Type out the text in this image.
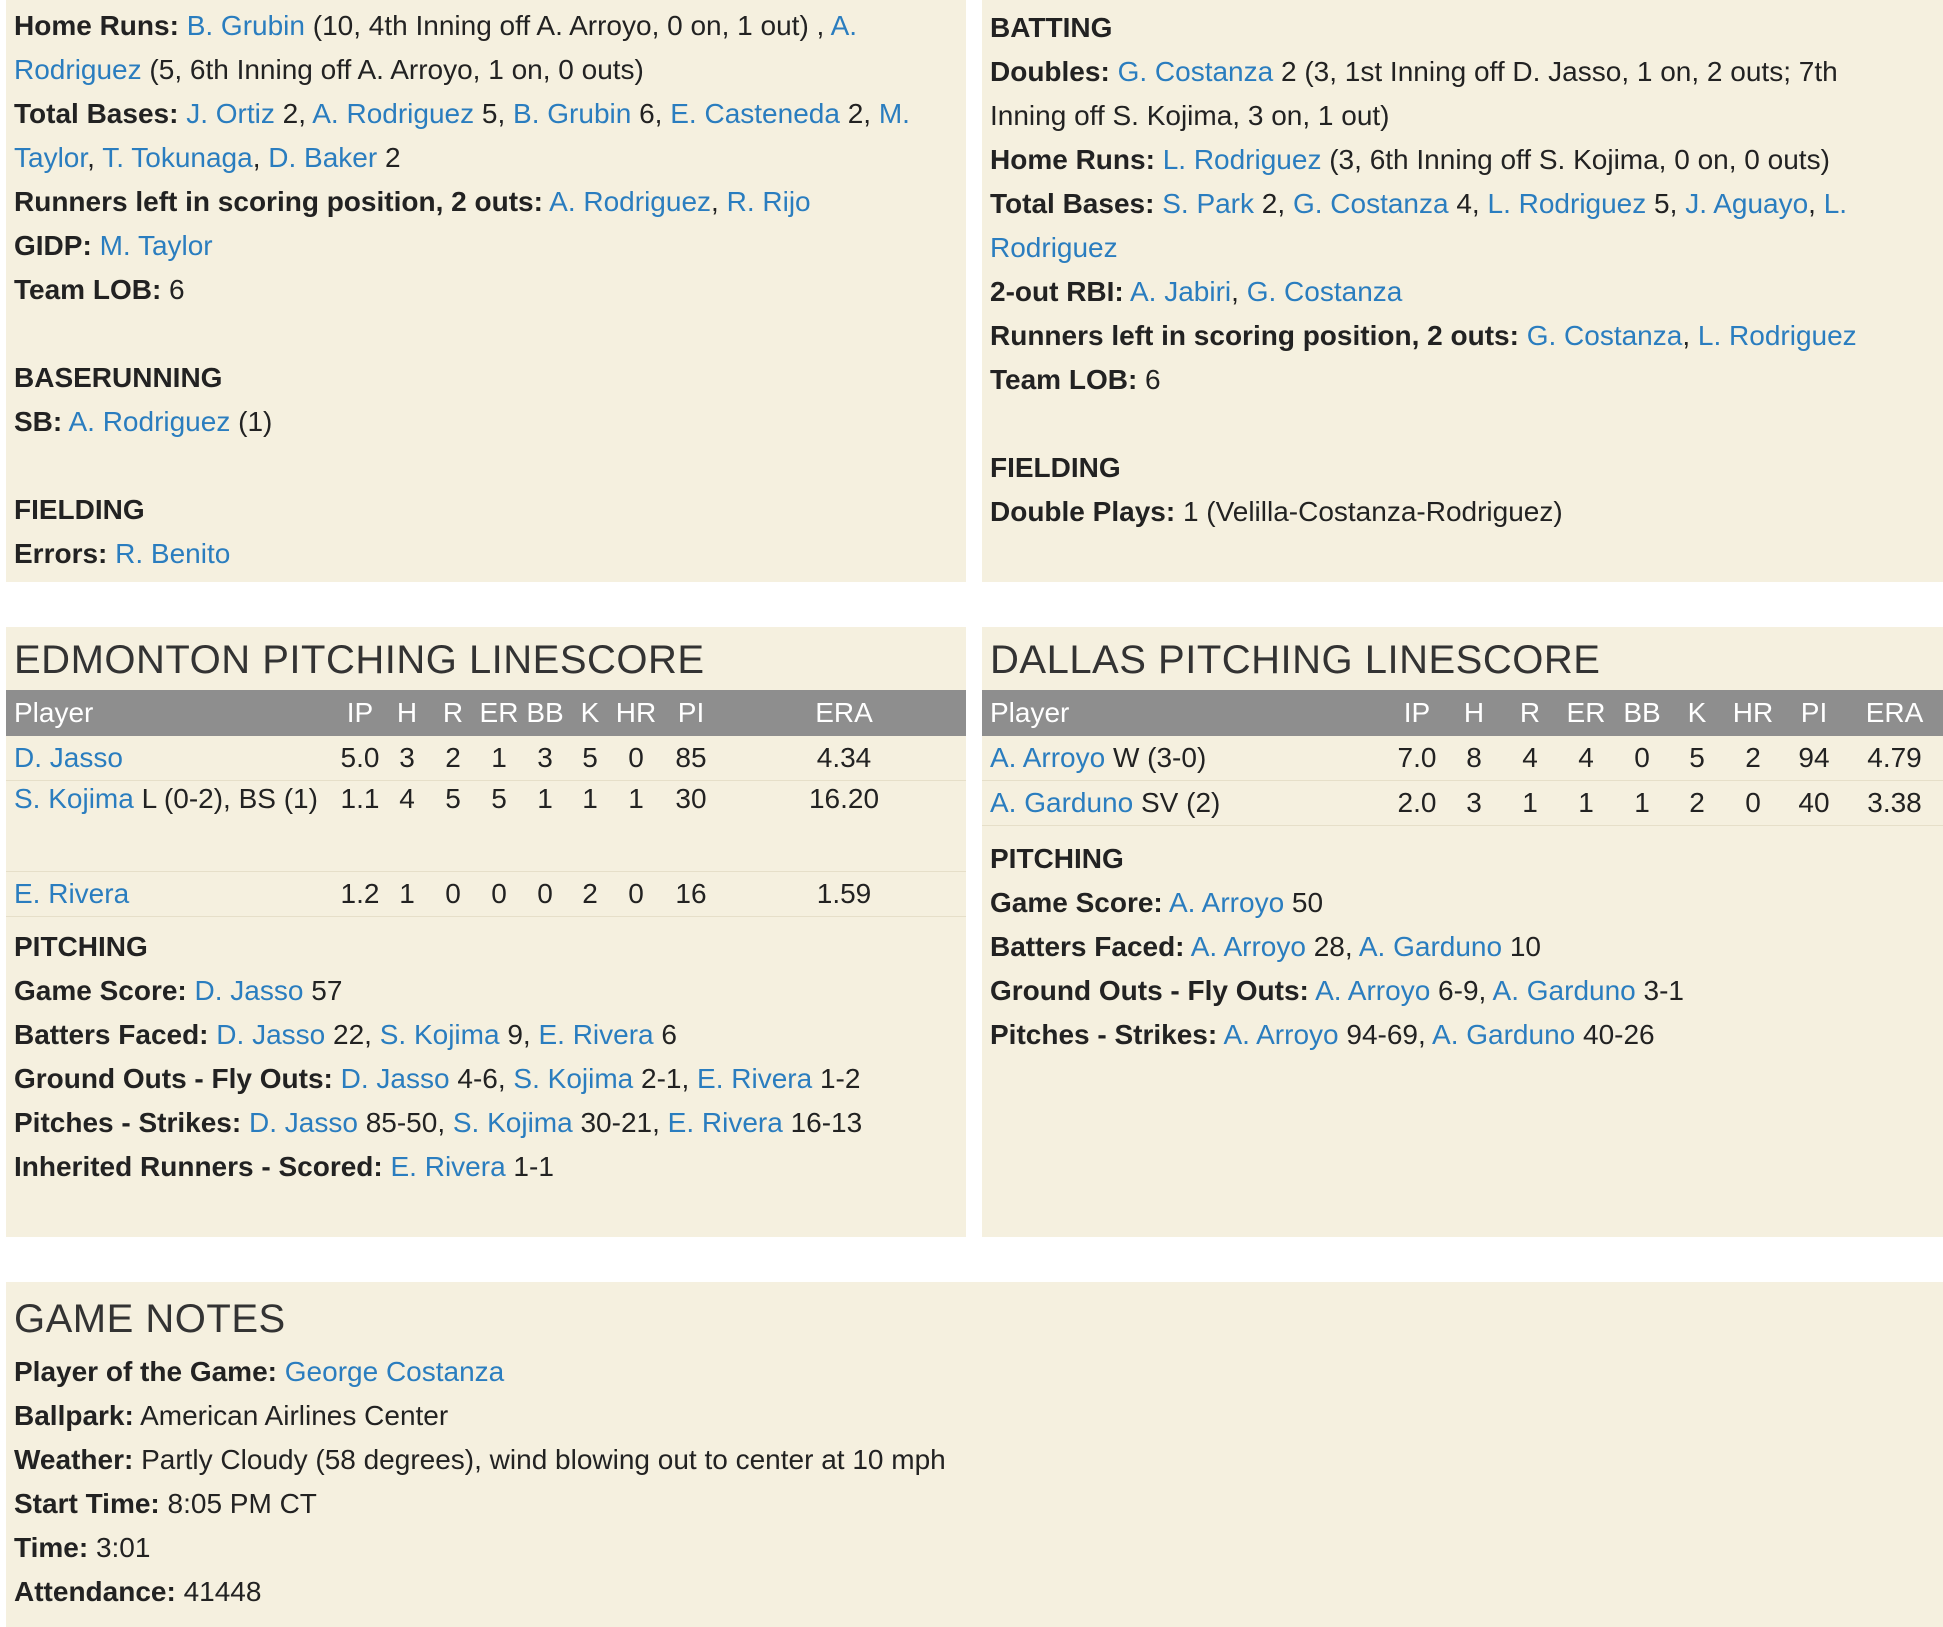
Home Runs: B. Grubin (10, 4th Inning off A. Arroyo, 0 on, 1 out) , A.
Rodriguez (5, 6th Inning off A. Arroyo, 1 on, 0 outs)
Total Bases: J. Ortiz 2, A. Rodriguez 5, B. Grubin 6, E. Casteneda 2, M.
Taylor, T. Tokunaga, D. Baker 2
Runners left in scoring position, 2 outs: A. Rodriguez, R. Rijo
GIDP: M. Taylor
Team LOB: 6
BASERUNNING
SB: A. Rodriguez (1)
FIELDING
Errors: R. Benito
BATTING
Doubles: G. Costanza 2 (3, 1st Inning off D. Jasso, 1 on, 2 outs; 7th
Inning off S. Kojima, 3 on, 1 out)
Home Runs: L. Rodriguez (3, 6th Inning off S. Kojima, 0 on, 0 outs)
Total Bases: S. Park 2, G. Costanza 4, L. Rodriguez 5, J. Aguayo, L.
Rodriguez
2-out RBI: A. Jabiri, G. Costanza
Runners left in scoring position, 2 outs: G. Costanza, L. Rodriguez
Team LOB: 6
FIELDING
Double Plays: 1 (Velilla-Costanza-Rodriguez)
EDMONTON PITCHING LINESCORE
Player	IP	H	R	ER	BB	K	HR	PI	ERA
D. Jasso	5.0	3	2	1	3	5	0	85	4.34
S. Kojima L (0-2), BS (1)	1.1	4	5	5	1	1	1	30	16.20
E. Rivera	1.2	1	0	0	0	2	0	16	1.59
PITCHING
Game Score: D. Jasso 57
Batters Faced: D. Jasso 22, S. Kojima 9, E. Rivera 6
Ground Outs - Fly Outs: D. Jasso 4-6, S. Kojima 2-1, E. Rivera 1-2
Pitches - Strikes: D. Jasso 85-50, S. Kojima 30-21, E. Rivera 16-13
Inherited Runners - Scored: E. Rivera 1-1
DALLAS PITCHING LINESCORE
Player	IP	H	R	ER	BB	K	HR	PI	ERA
A. Arroyo W (3-0)	7.0	8	4	4	0	5	2	94	4.79
A. Garduno SV (2)	2.0	3	1	1	1	2	0	40	3.38
PITCHING
Game Score: A. Arroyo 50
Batters Faced: A. Arroyo 28, A. Garduno 10
Ground Outs - Fly Outs: A. Arroyo 6-9, A. Garduno 3-1
Pitches - Strikes: A. Arroyo 94-69, A. Garduno 40-26
GAME NOTES
Player of the Game: George Costanza
Ballpark: American Airlines Center
Weather: Partly Cloudy (58 degrees), wind blowing out to center at 10 mph
Start Time: 8:05 PM CT
Time: 3:01
Attendance: 41448
